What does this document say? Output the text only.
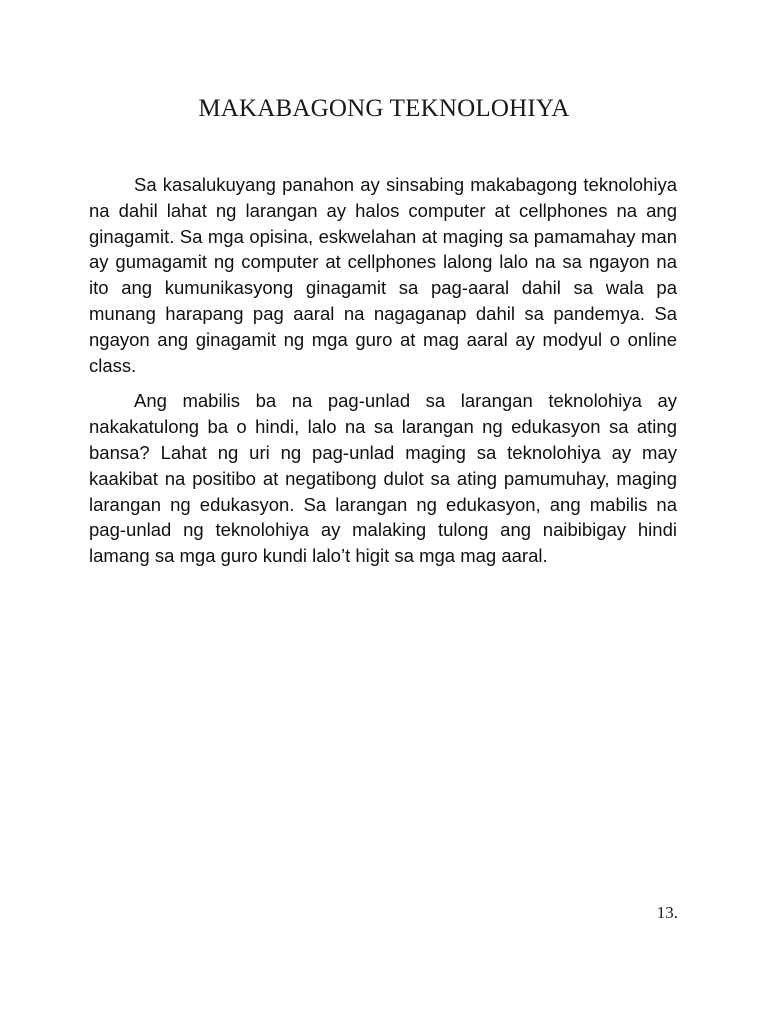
MAKABAGONG TEKNOLOHIYA

Sa kasalukuyang panahon ay sinsabing makabagong teknolohiya na dahil lahat ng larangan ay halos computer at cellphones na ang ginagamit. Sa mga opisina, eskwelahan at maging sa pamamahay man ay gumagamit ng computer at cellphones lalong lalo na sa ngayon na ito ang kumunikasyong ginagamit sa pag-aaral dahil sa wala pa munang harapang pag aaral na nagaganap dahil sa pandemya. Sa ngayon ang ginagamit ng mga guro at mag aaral ay modyul o online class.

Ang mabilis ba na pag-unlad sa larangan teknolohiya ay nakakatulong ba o hindi, lalo na sa larangan ng edukasyon sa ating bansa? Lahat ng uri ng pag-unlad maging sa teknolohiya ay may kaakibat na positibo at negatibong dulot sa ating pamumuhay, maging larangan ng edukasyon. Sa larangan ng edukasyon, ang mabilis na pag-unlad ng teknolohiya ay malaking tulong ang naibibigay hindi lamang sa mga guro kundi lalo’t higit sa mga mag aaral.

13.
